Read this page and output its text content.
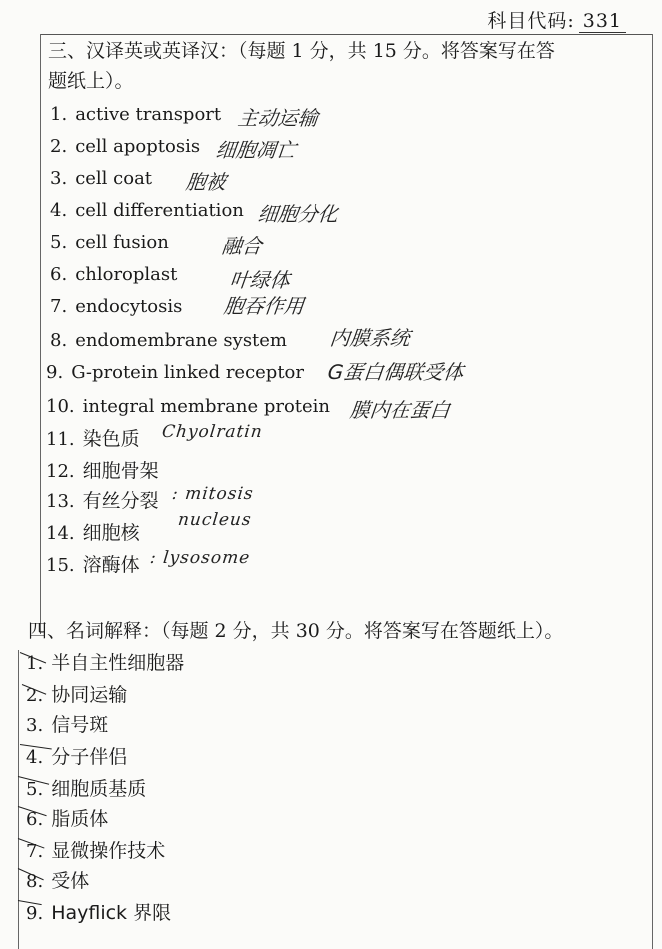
科目代码: 331
三、汉译英或英译汉：（每题 1 分，共 15 分。将答案写在答
题纸上）。
1. active transport 主动运输
2. cell apoptosis 细胞凋亡
3. cell coat 胞被
4. cell differentiation 细胞分化
5. cell fusion	融合
6. chloroplast	叶绿体
7. endocytosis 胞吞作用
8. endomembrane system 内膜系统
9. G-protein linked receptor G蛋白偶联受体
10. integral membrane protein 膜内在蛋白
11. 染色质 Chyolratin
12. 细胞骨架
13. 有丝分裂 : mitosis
14. 细胞核
nucleus
15. 溶酶体 : lysosome
四、名词解释：（每题 2 分，共 30 分。将答案写在答题纸上）。
1. 半自主性细胞器
2. 协同运输
3. 信号斑
4. 分子伴侣
5. 细胞质基质
6. 脂质体
7. 显微操作技术
8. 受体
9. Hayflick 界限
